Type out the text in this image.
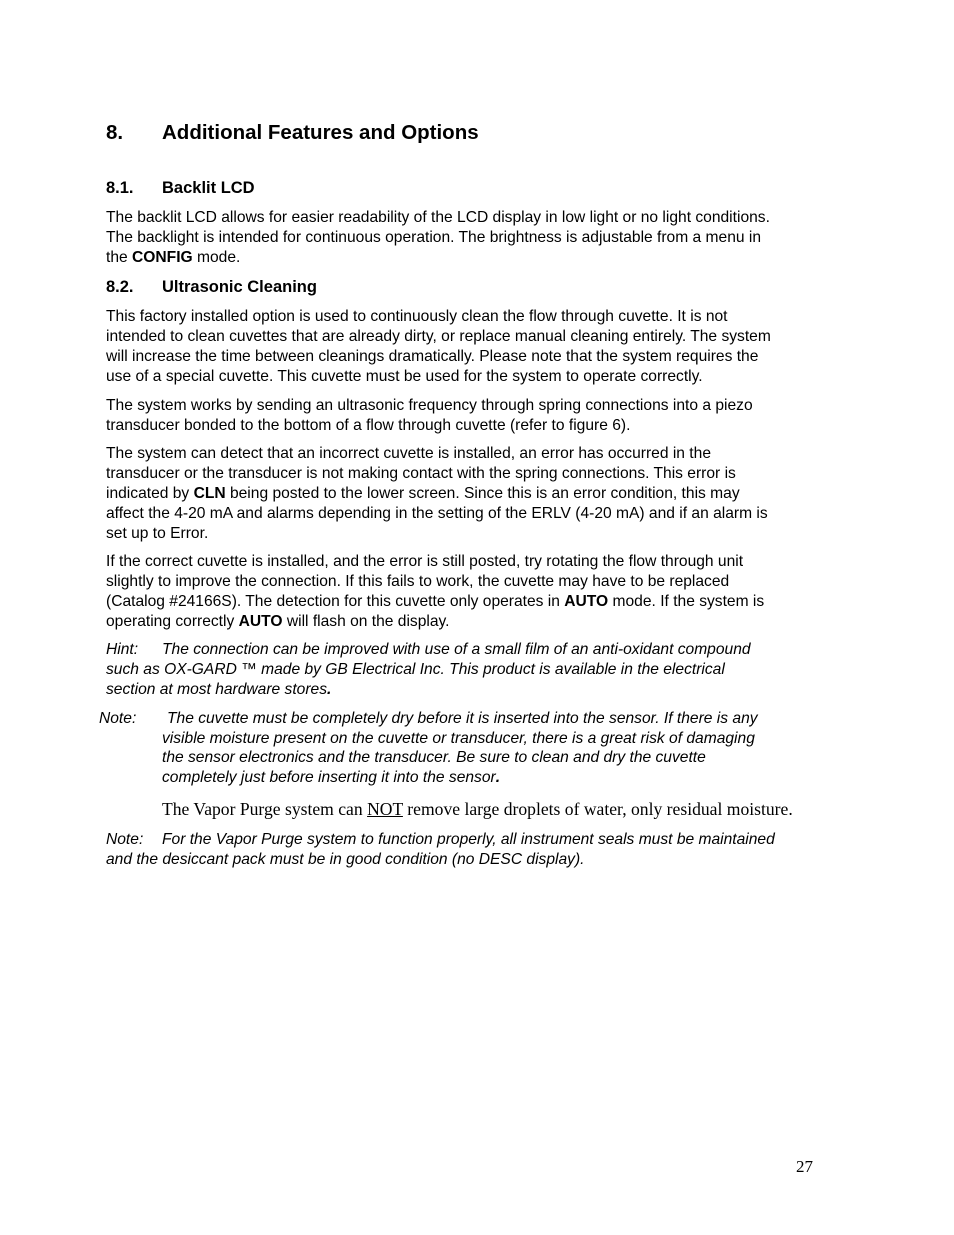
8. Additional Features and Options
8.1. Backlit LCD
The backlit LCD allows for easier readability of the LCD display in low light or no light conditions.
The backlight is intended for continuous operation. The brightness is adjustable from a menu in
the CONFIG mode.
8.2. Ultrasonic Cleaning
This factory installed option is used to continuously clean the flow through cuvette. It is not
intended to clean cuvettes that are already dirty, or replace manual cleaning entirely. The system
will increase the time between cleanings dramatically. Please note that the system requires the
use of a special cuvette. This cuvette must be used for the system to operate correctly.
The system works by sending an ultrasonic frequency through spring connections into a piezo
transducer bonded to the bottom of a flow through cuvette (refer to figure 6).
The system can detect that an incorrect cuvette is installed, an error has occurred in the
transducer or the transducer is not making contact with the spring connections. This error is
indicated by CLN being posted to the lower screen. Since this is an error condition, this may
affect the 4-20 mA and alarms depending in the setting of the ERLV (4-20 mA) and if an alarm is
set up to Error.
If the correct cuvette is installed, and the error is still posted, try rotating the flow through unit
slightly to improve the connection. If this fails to work, the cuvette may have to be replaced
(Catalog #24166S). The detection for this cuvette only operates in AUTO mode. If the system is
operating correctly AUTO will flash on the display.
Hint: The connection can be improved with use of a small film of an anti-oxidant compound
such as OX-GARD ™ made by GB Electrical Inc. This product is available in the electrical
section at most hardware stores.
Note: The cuvette must be completely dry before it is inserted into the sensor. If there is any
visible moisture present on the cuvette or transducer, there is a great risk of damaging
the sensor electronics and the transducer. Be sure to clean and dry the cuvette
completely just before inserting it into the sensor.
The Vapor Purge system can NOT remove large droplets of water, only residual moisture.
Note: For the Vapor Purge system to function properly, all instrument seals must be maintained
and the desiccant pack must be in good condition (no DESC display).
27
